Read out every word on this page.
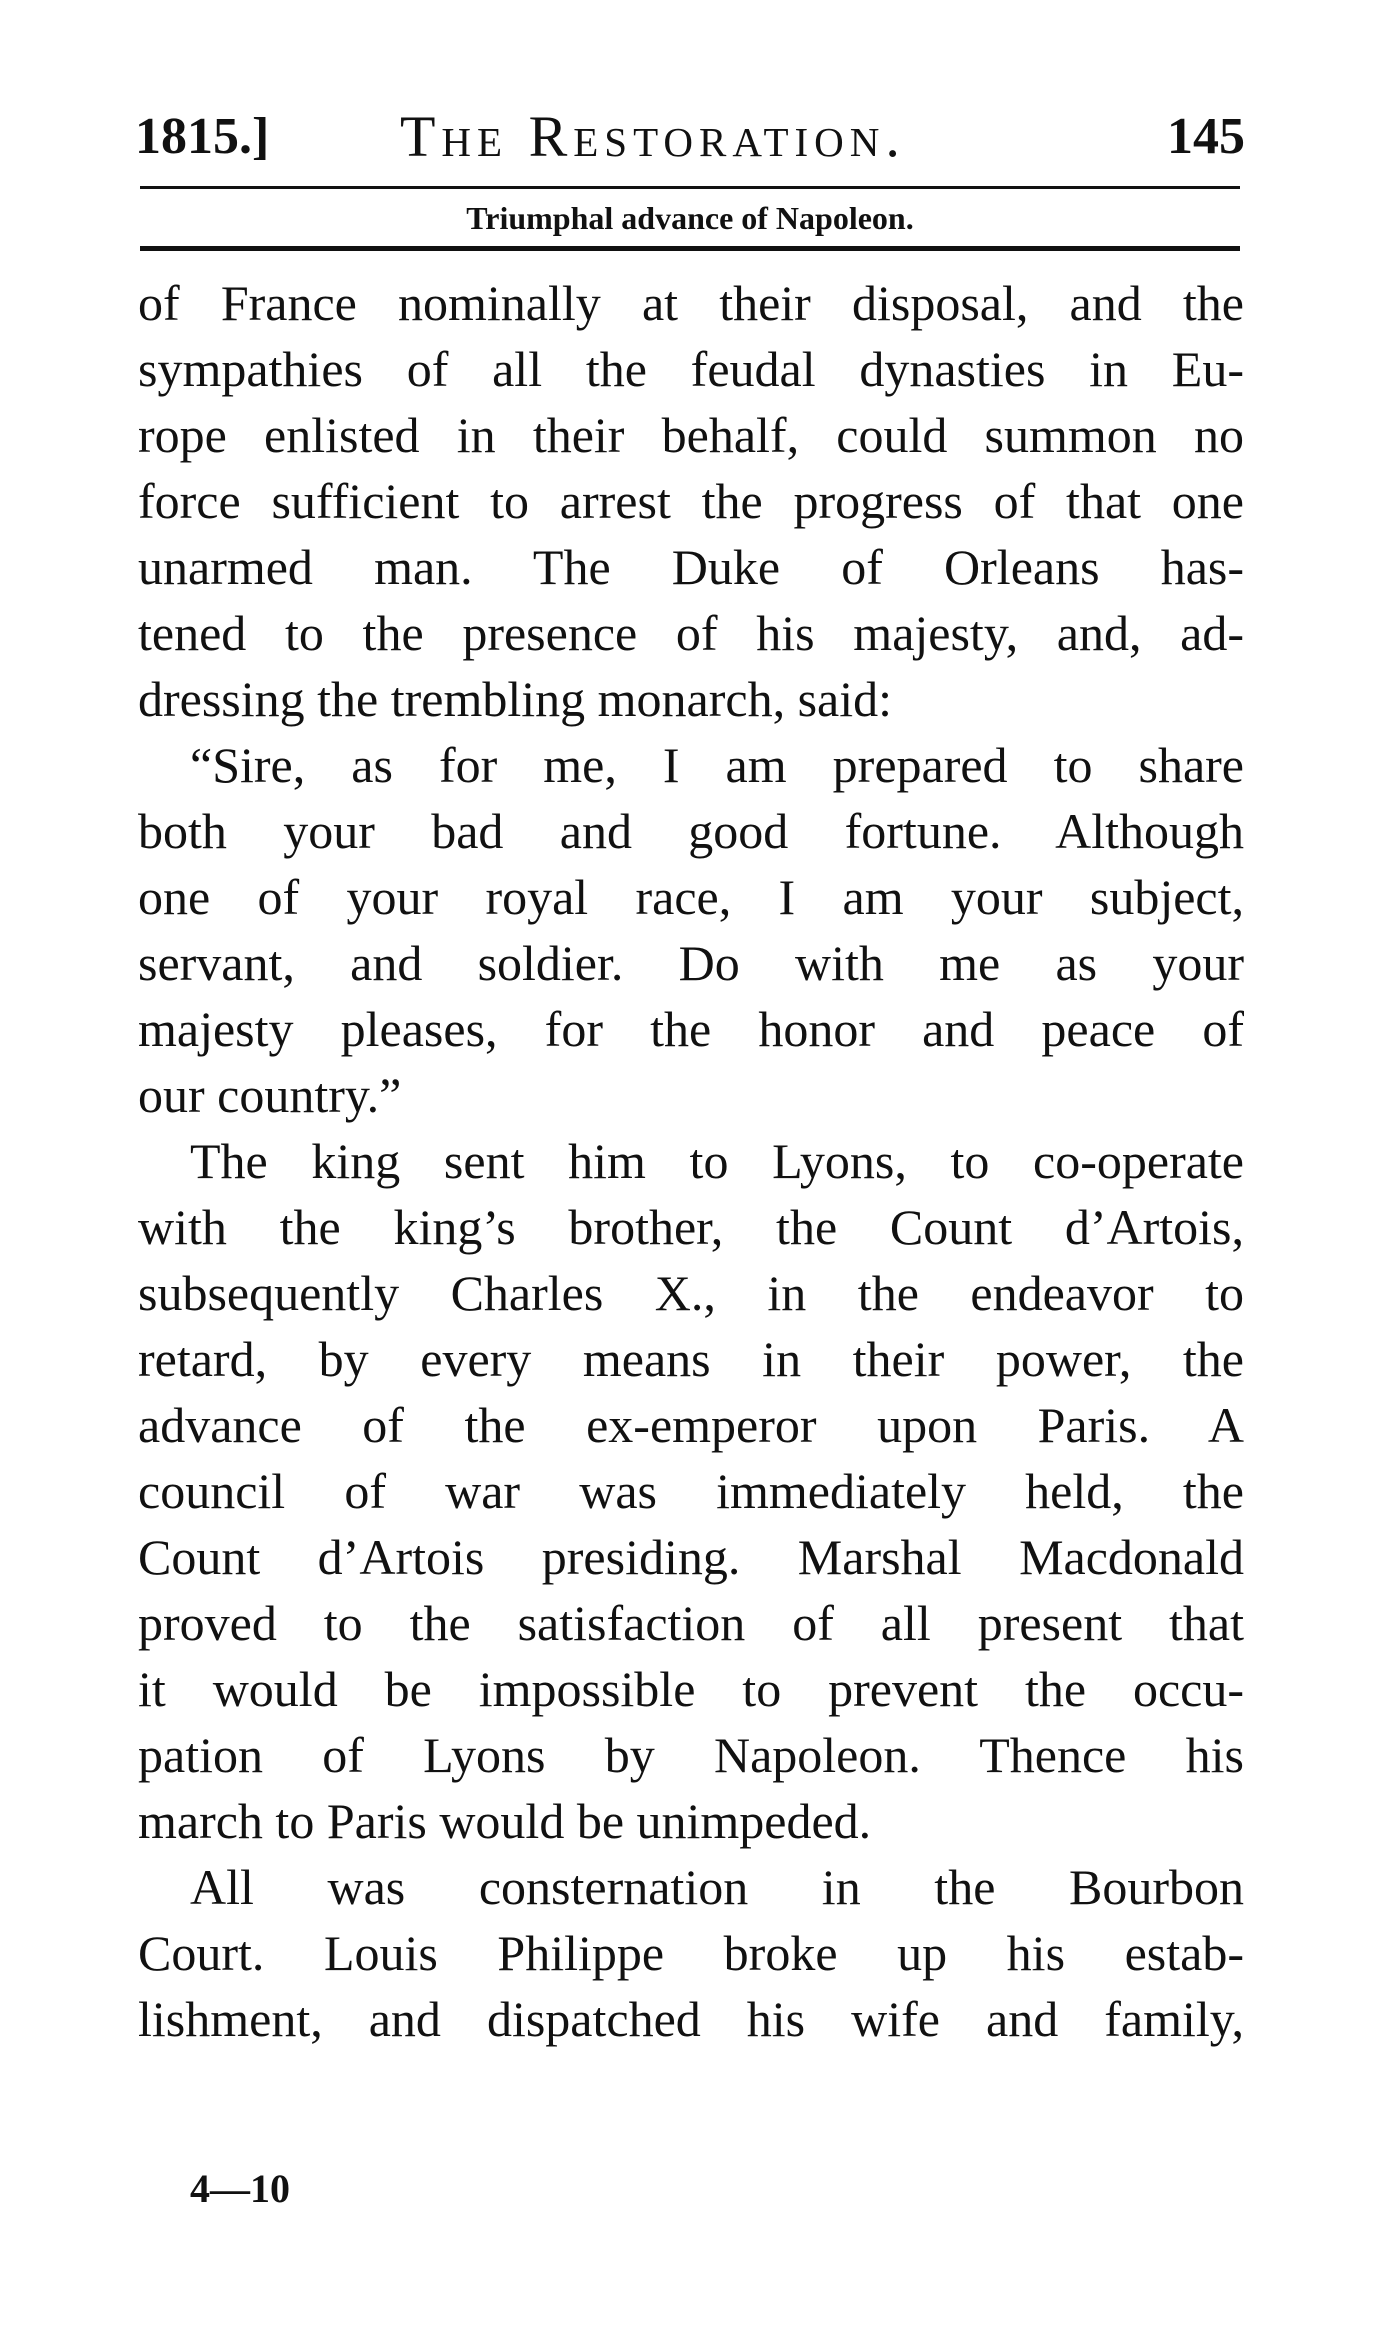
1815.] The Restoration.	145
Triumphal advance of Napoleon.
of France nominally at their disposal, and the
sympathies of all the feudal dynasties in Eu-
rope enlisted in their behalf, could summon no
force sufficient to arrest the progress of that one
unarmed man. The Duke of Orleans has-
tened to the presence of his majesty, and, ad-
dressing the trembling monarch, said:
“Sire, as for me, I am prepared to share
both your bad and good fortune. Although
one of your royal race, I am your subject,
servant, and soldier. Do with me as your
majesty pleases, for the honor and peace of
our country.”
The king sent him to Lyons, to co-operate
with the king’s brother, the Count d’Artois,
subsequently Charles X., in the endeavor to
retard, by every means in their power, the
advance of the ex-emperor upon Paris. A
council of war was immediately held, the
Count d’Artois presiding. Marshal Macdonald
proved to the satisfaction of all present that
it would be impossible to prevent the occu-
pation of Lyons by Napoleon. Thence his
march to Paris would be unimpeded.
All was consternation in the Bourbon
Court. Louis Philippe broke up his estab-
lishment, and dispatched his wife and family,
4—10
